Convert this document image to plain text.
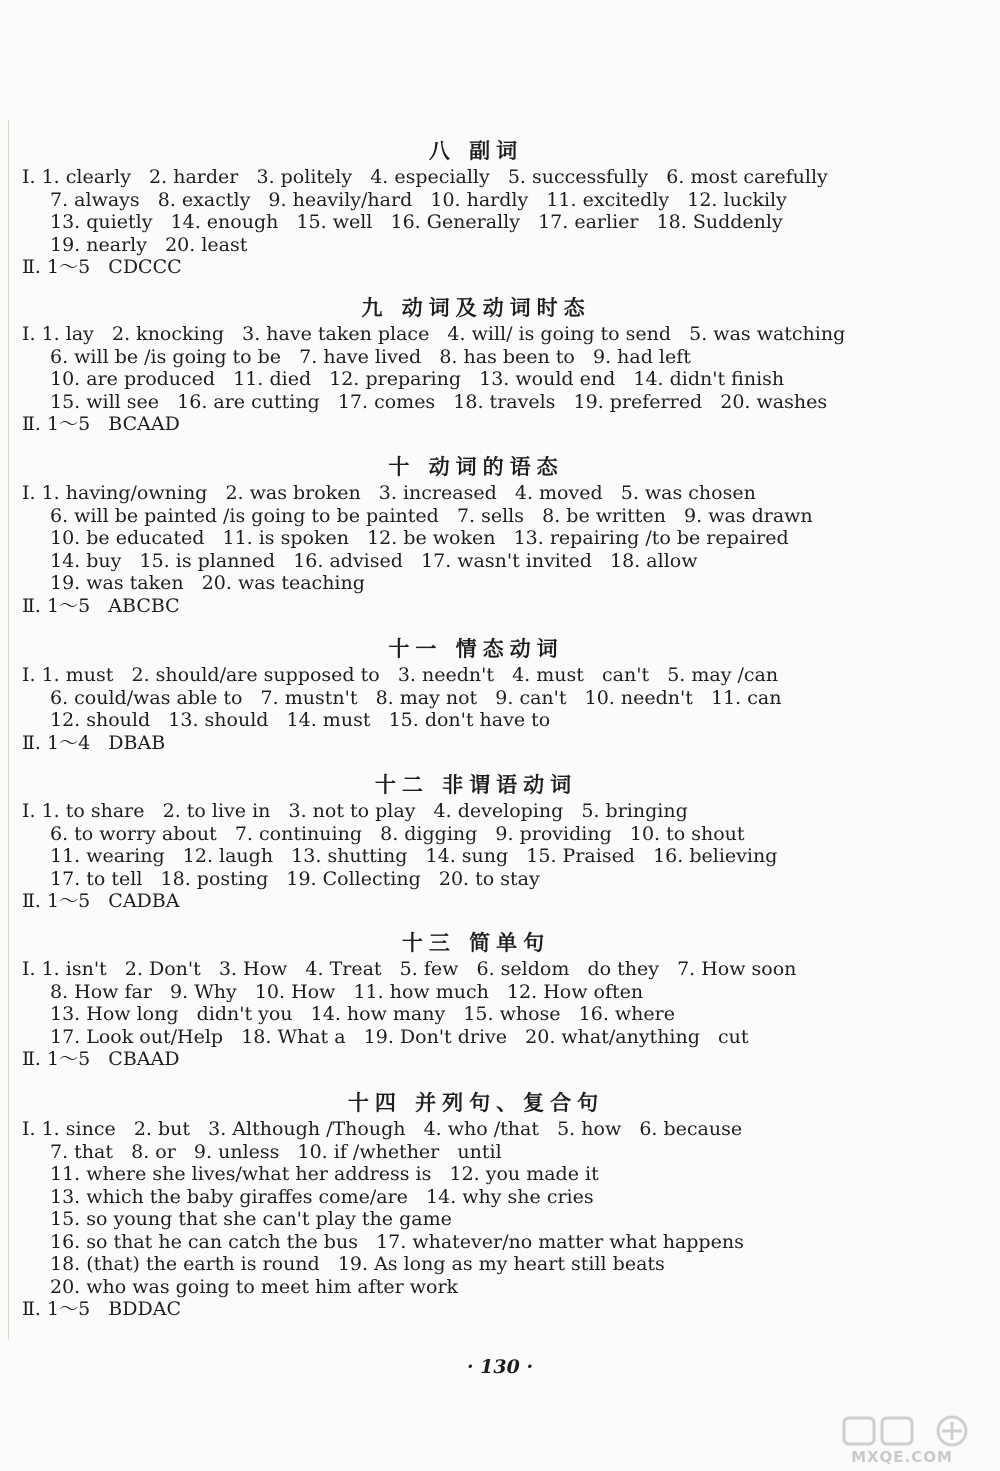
八 副词
Ⅰ. 1. clearly   2. harder   3. politely   4. especially   5. successfully   6. most carefully
7. always   8. exactly   9. heavily/hard   10. hardly   11. excitedly   12. luckily
13. quietly   14. enough   15. well   16. Generally   17. earlier   18. Suddenly
19. nearly   20. least
Ⅱ. 1～5   CDCCC
九 动词及动词时态
Ⅰ. 1. lay   2. knocking   3. have taken place   4. will/ is going to send   5. was watching
6. will be /is going to be   7. have lived   8. has been to   9. had left
10. are produced   11. died   12. preparing   13. would end   14. didn't finish
15. will see   16. are cutting   17. comes   18. travels   19. preferred   20. washes
Ⅱ. 1～5   BCAAD
十 动词的语态
Ⅰ. 1. having/owning   2. was broken   3. increased   4. moved   5. was chosen
6. will be painted /is going to be painted   7. sells   8. be written   9. was drawn
10. be educated   11. is spoken   12. be woken   13. repairing /to be repaired
14. buy   15. is planned   16. advised   17. wasn't invited   18. allow
19. was taken   20. was teaching
Ⅱ. 1～5   ABCBC
十一 情态动词
Ⅰ. 1. must   2. should/are supposed to   3. needn't   4. must   can't   5. may /can
6. could/was able to   7. mustn't   8. may not   9. can't   10. needn't   11. can
12. should   13. should   14. must   15. don't have to
Ⅱ. 1～4   DBAB
十二 非谓语动词
Ⅰ. 1. to share   2. to live in   3. not to play   4. developing   5. bringing
6. to worry about   7. continuing   8. digging   9. providing   10. to shout
11. wearing   12. laugh   13. shutting   14. sung   15. Praised   16. believing
17. to tell   18. posting   19. Collecting   20. to stay
Ⅱ. 1～5   CADBA
十三 简单句
Ⅰ. 1. isn't   2. Don't   3. How   4. Treat   5. few   6. seldom   do they   7. How soon
8. How far   9. Why   10. How   11. how much   12. How often
13. How long   didn't you   14. how many   15. whose   16. where
17. Look out/Help   18. What a   19. Don't drive   20. what/anything   cut
Ⅱ. 1～5   CBAAD
十四 并列句、复合句
Ⅰ. 1. since   2. but   3. Although /Though   4. who /that   5. how   6. because
7. that   8. or   9. unless   10. if /whether   until
11. where she lives/what her address is   12. you made it
13. which the baby giraffes come/are   14. why she cries
15. so young that she can't play the game
16. so that he can catch the bus   17. whatever/no matter what happens
18. (that) the earth is round   19. As long as my heart still beats
20. who was going to meet him after work
Ⅱ. 1～5   BDDAC
· 130 ·
MXQE.COM
